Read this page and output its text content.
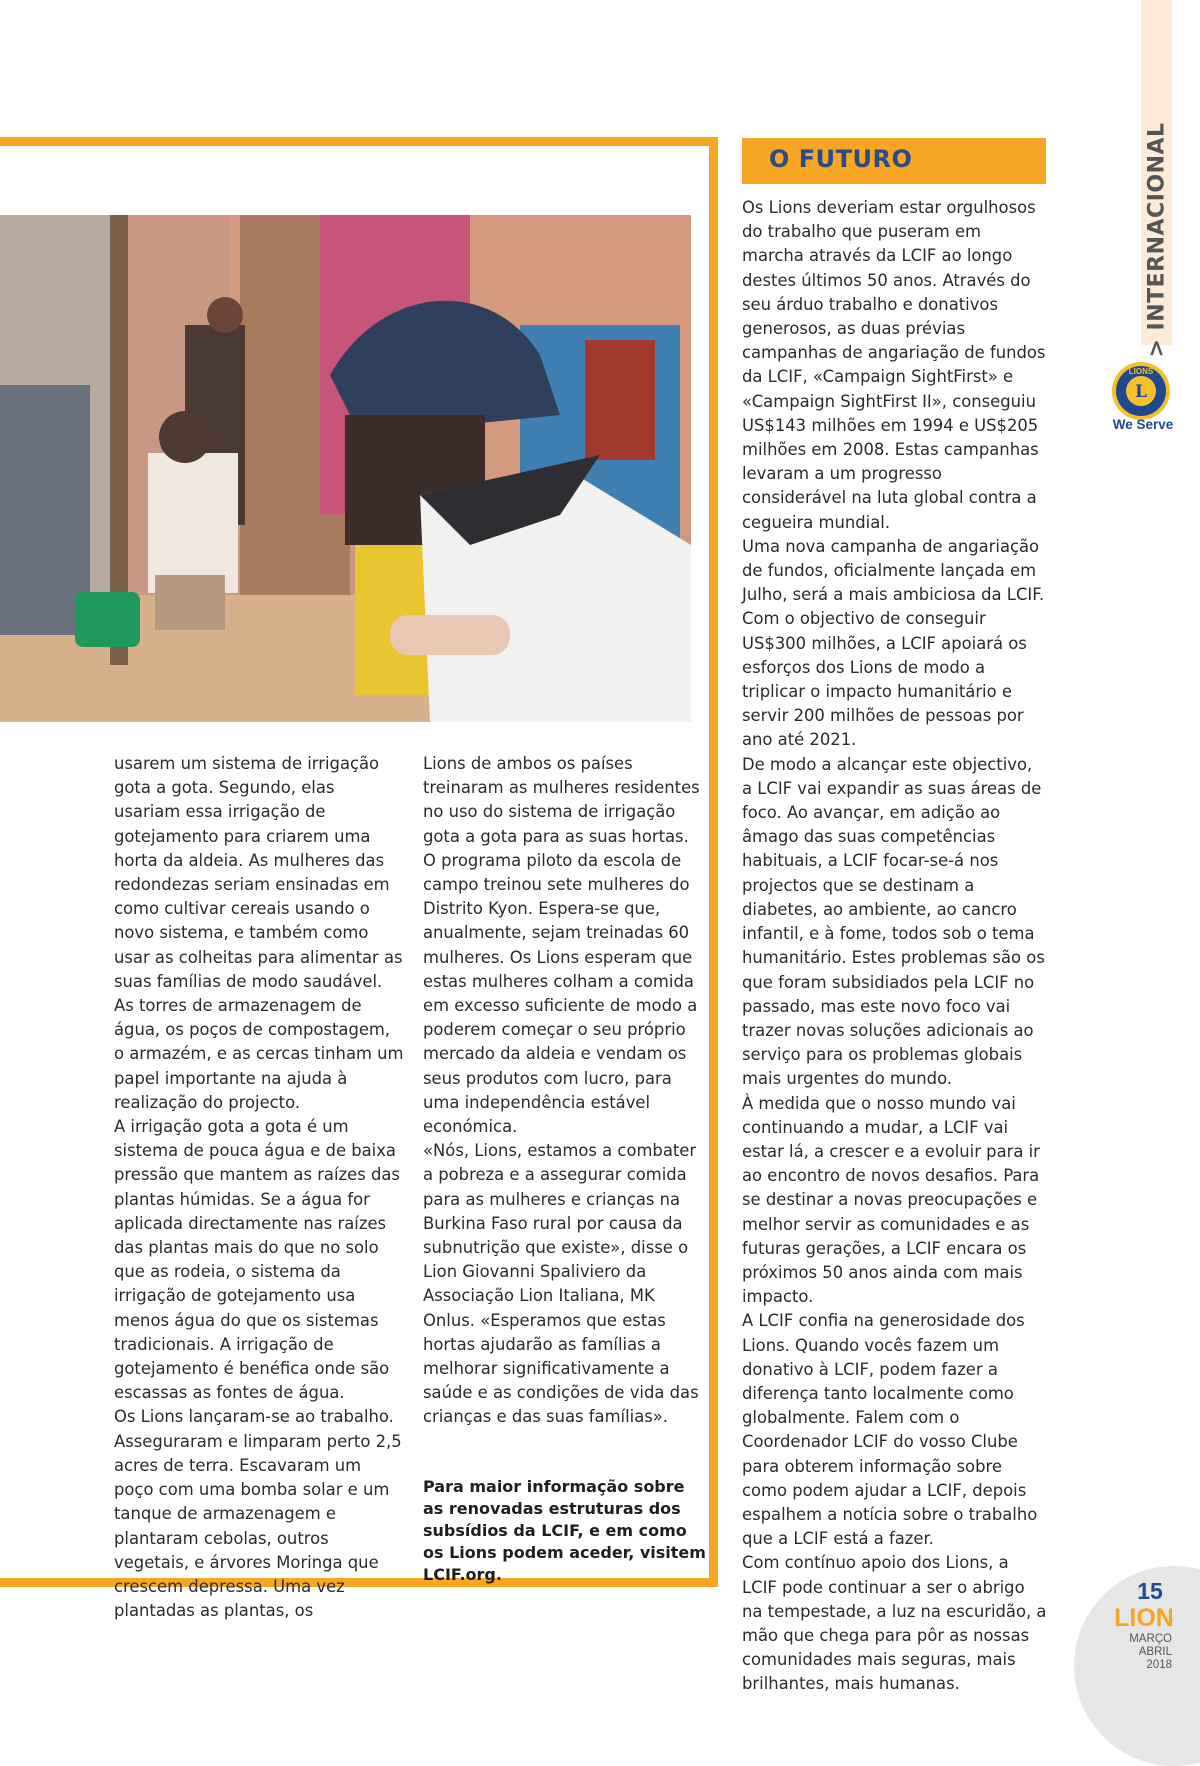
usarem um sistema de irrigação gota a gota. Segundo, elas usariam essa irrigação de gotejamento para criarem uma horta da aldeia. As mulheres das redondezas seriam ensinadas em como cultivar cereais usando o novo sistema, e também como usar as colheitas para alimentar as suas famílias de modo saudável. As torres de armazenagem de água, os poços de compostagem, o armazém, e as cercas tinham um papel importante na ajuda à realização do projecto.

A irrigação gota a gota é um sistema de pouca água e de baixa pressão que mantem as raízes das plantas húmidas. Se a água for aplicada directamente nas raízes das plantas mais do que no solo que as rodeia, o sistema da irrigação de gotejamento usa menos água do que os sistemas tradicionais. A irrigação de gotejamento é benéfica onde são escassas as fontes de água.

Os Lions lançaram-se ao trabalho. Asseguraram e limparam perto 2,5 acres de terra. Escavaram um poço com uma bomba solar e um tanque de armazenagem e plantaram cebolas, outros vegetais, e árvores Moringa que crescem depressa. Uma vez plantadas as plantas, os

Lions de ambos os países treinaram as mulheres residentes no uso do sistema de irrigação gota a gota para as suas hortas.

O programa piloto da escola de campo treinou sete mulheres do Distrito Kyon. Espera-se que, anualmente, sejam treinadas 60 mulheres. Os Lions esperam que estas mulheres colham a comida em excesso suficiente de modo a poderem começar o seu próprio mercado da aldeia e vendam os seus produtos com lucro, para uma independência estável económica.

«Nós, Lions, estamos a combater a pobreza e a assegurar comida para as mulheres e crianças na Burkina Faso rural por causa da subnutrição que existe», disse o Lion Giovanni Spaliviero da Associação Lion Italiana, MK Onlus. «Esperamos que estas hortas ajudarão as famílias a melhorar significativamente a saúde e as condições de vida das crianças e das suas famílias».

Para maior informação sobre as renovadas estruturas dos subsídios da LCIF, e em como os Lions podem aceder, visitem LCIF.org.
O FUTURO

Os Lions deveriam estar orgulhosos do trabalho que puseram em marcha através da LCIF ao longo destes últimos 50 anos. Através do seu árduo trabalho e donativos generosos, as duas prévias campanhas de angariação de fundos da LCIF, «Campaign SightFirst» e «Campaign SightFirst II», conseguiu US$143 milhões em 1994 e US$205 milhões em 2008. Estas campanhas levaram a um progresso considerável na luta global contra a cegueira mundial.

Uma nova campanha de angariação de fundos, oficialmente lançada em Julho, será a mais ambiciosa da LCIF. Com o objectivo de conseguir US$300 milhões, a LCIF apoiará os esforços dos Lions de modo a triplicar o impacto humanitário e servir 200 milhões de pessoas por ano até 2021.

De modo a alcançar este objectivo, a LCIF vai expandir as suas áreas de foco. Ao avançar, em adição ao âmago das suas competências habituais, a LCIF focar-se-á nos projectos que se destinam a diabetes, ao ambiente, ao cancro infantil, e à fome, todos sob o tema humanitário. Estes problemas são os que foram subsidiados pela LCIF no passado, mas este novo foco vai trazer novas soluções adicionais ao serviço para os problemas globais mais urgentes do mundo.

À medida que o nosso mundo vai continuando a mudar, a LCIF vai estar lá, a crescer e a evoluir para ir ao encontro de novos desafios. Para se destinar a novas preocupações e melhor servir as comunidades e as futuras gerações, a LCIF encara os próximos 50 anos ainda com mais impacto.

A LCIF confia na generosidade dos Lions. Quando vocês fazem um donativo à LCIF, podem fazer a diferença tanto localmente como globalmente. Falem com o Coordenador LCIF do vosso Clube para obterem informação sobre como podem ajudar a LCIF, depois espalhem a notícia sobre o trabalho que a LCIF está a fazer.

Com contínuo apoio dos Lions, a LCIF pode continuar a ser o abrigo na tempestade, a luz na escuridão, a mão que chega para pôr as nossas comunidades mais seguras, mais brilhantes, mais humanas.

> INTERNACIONAL
L
LIONS
We Serve
15
LION
MARÇO
ABRIL
2018
